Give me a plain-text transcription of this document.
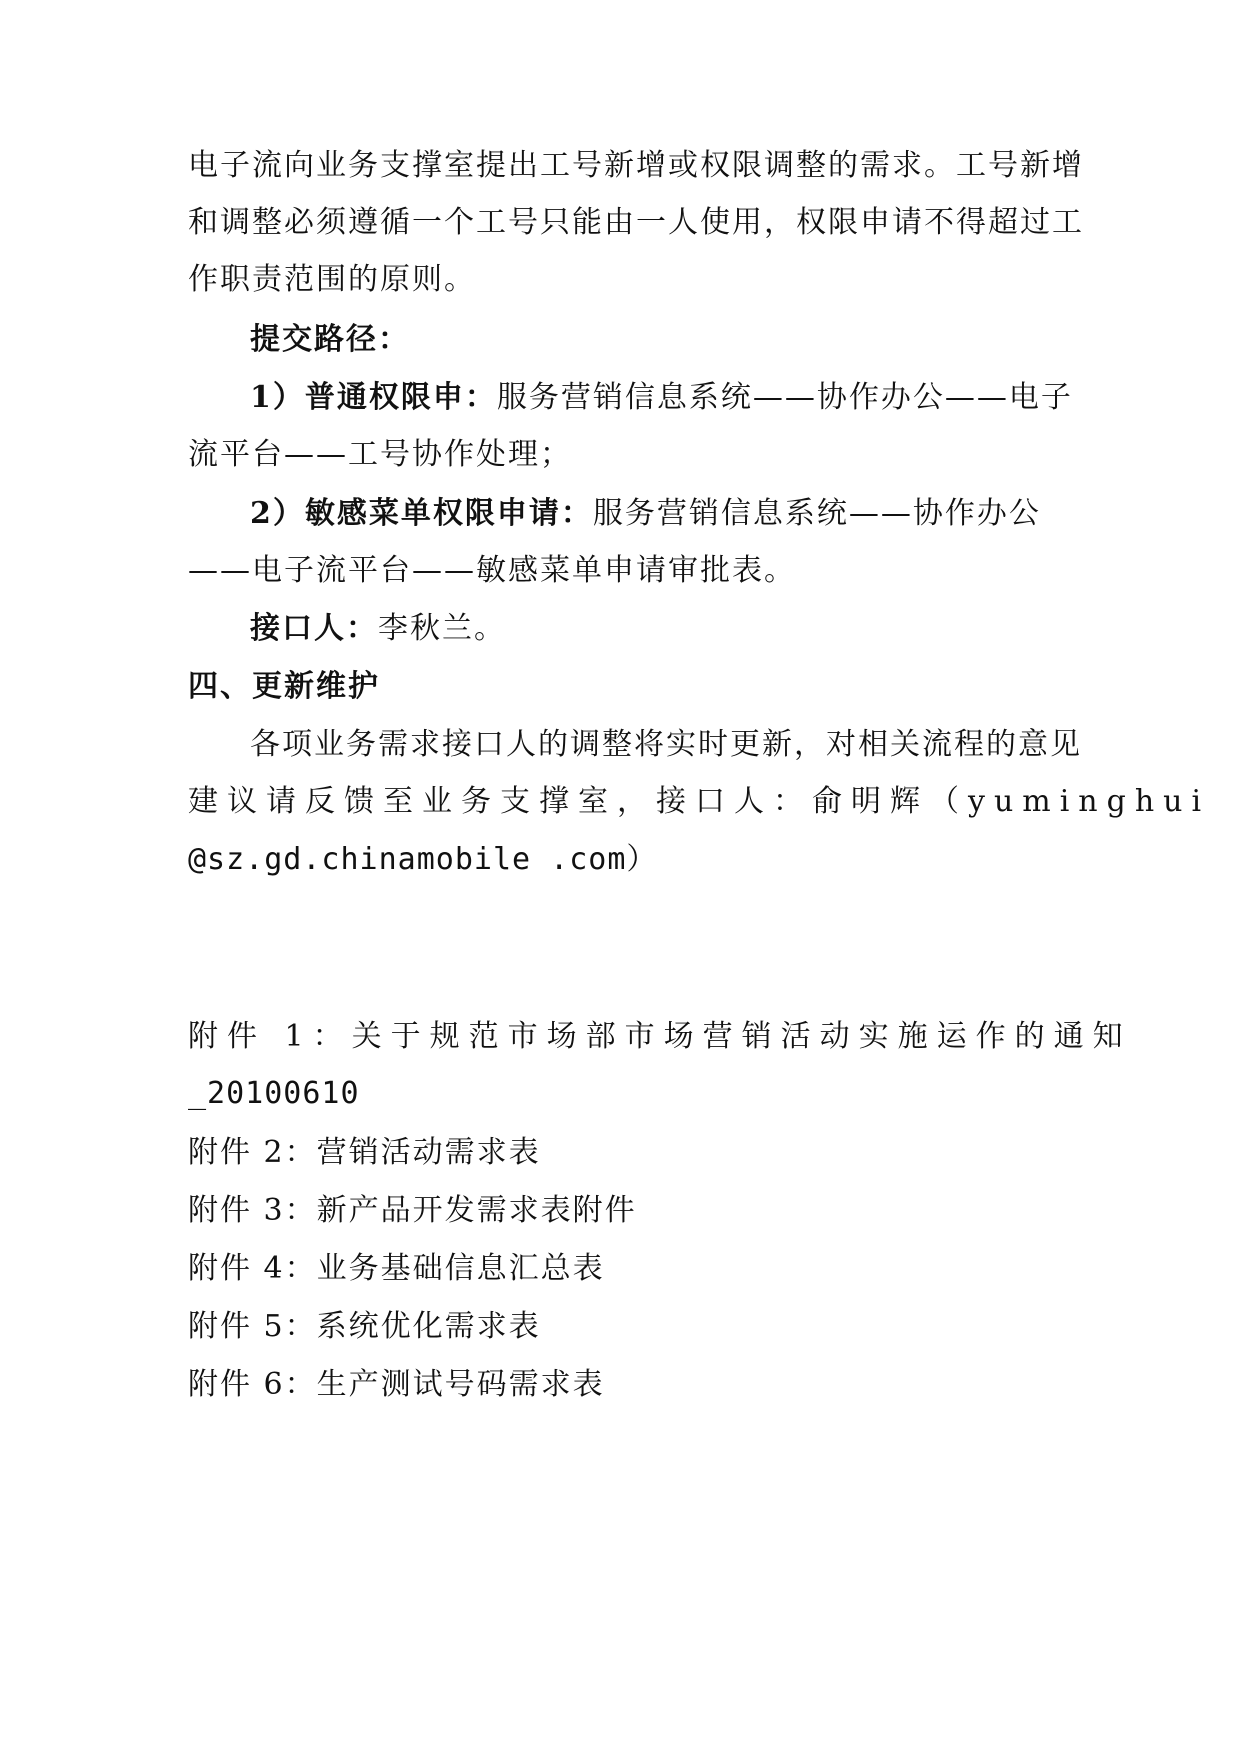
电子流向业务支撑室提出工号新增或权限调整的需求。工号新增
和调整必须遵循一个工号只能由一人使用，权限申请不得超过工
作职责范围的原则。
提交路径：
1）普通权限申：服务营销信息系统——协作办公——电子
流平台——工号协作处理；
2）敏感菜单权限申请：服务营销信息系统——协作办公
——电子流平台——敏感菜单申请审批表。
接口人：李秋兰。
四、更新维护
各项业务需求接口人的调整将实时更新，对相关流程的意见
建议请反馈至业务支撑室，接口人：俞明辉（yuminghui
@sz.gd.chinamobile .com）
附件 1：关于规范市场部市场营销活动实施运作的通知
_20100610
附件 2：营销活动需求表
附件 3：新产品开发需求表附件
附件 4：业务基础信息汇总表
附件 5：系统优化需求表
附件 6：生产测试号码需求表
